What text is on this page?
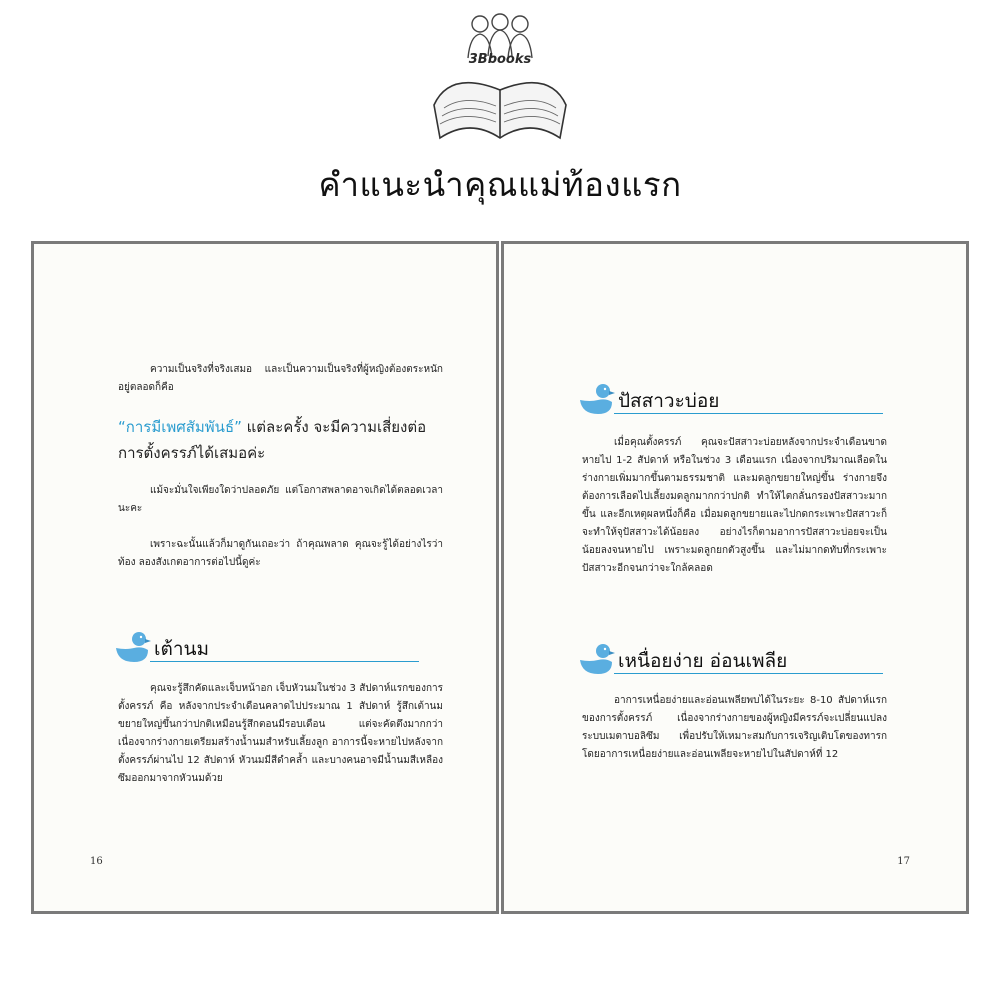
3Bbooks
คำแนะนำคุณแม่ท้องแรก
ความเป็นจริงที่จริงเสมอ และเป็นความเป็นจริงที่ผู้หญิงต้องตระหนักอยู่ตลอดก็คือ
“การมีเพศสัมพันธ์” แต่ละครั้ง จะมีความเสี่ยงต่อการตั้งครรภ์ได้เสมอค่ะ
แม้จะมั่นใจเพียงใดว่าปลอดภัย แต่โอกาสพลาดอาจเกิดได้ตลอดเวลานะคะ
เพราะฉะนั้นแล้วก็มาดูกันเถอะว่า ถ้าคุณพลาด คุณจะรู้ได้อย่างไรว่าท้อง ลองสังเกตอาการต่อไปนี้ดูค่ะ
เต้านม
คุณจะรู้สึกคัดและเจ็บหน้าอก เจ็บหัวนมในช่วง 3 สัปดาห์แรกของการตั้งครรภ์ คือ หลังจากประจำเดือนคลาดไปประมาณ 1 สัปดาห์ รู้สึกเต้านมขยายใหญ่ขึ้นกว่าปกติเหมือนรู้สึกตอนมีรอบเดือน แต่จะคัดตึงมากกว่า เนื่องจากร่างกายเตรียมสร้างน้ำนมสำหรับเลี้ยงลูก อาการนี้จะหายไปหลังจากตั้งครรภ์ผ่านไป 12 สัปดาห์ หัวนมมีสีดำคล้ำ และบางคนอาจมีน้ำนมสีเหลืองซึมออกมาจากหัวนมด้วย
16
ปัสสาวะบ่อย
เมื่อคุณตั้งครรภ์ คุณจะปัสสาวะบ่อยหลังจากประจำเดือนขาดหายไป 1-2 สัปดาห์ หรือในช่วง 3 เดือนแรก เนื่องจากปริมาณเลือดในร่างกายเพิ่มมากขึ้นตามธรรมชาติ และมดลูกขยายใหญ่ขึ้น ร่างกายจึงต้องการเลือดไปเลี้ยงมดลูกมากกว่าปกติ ทำให้ไตกลั่นกรองปัสสาวะมากขึ้น และอีกเหตุผลหนึ่งก็คือ เมื่อมดลูกขยายและไปกดกระเพาะปัสสาวะก็จะทำให้จุปัสสาวะได้น้อยลง อย่างไรก็ตามอาการปัสสาวะบ่อยจะเป็นน้อยลงจนหายไป เพราะมดลูกยกตัวสูงขึ้น และไม่มากดทับที่กระเพาะปัสสาวะอีกจนกว่าจะใกล้คลอด
เหนื่อยง่าย อ่อนเพลีย
อาการเหนื่อยง่ายและอ่อนเพลียพบได้ในระยะ 8-10 สัปดาห์แรกของการตั้งครรภ์ เนื่องจากร่างกายของผู้หญิงมีครรภ์จะเปลี่ยนแปลงระบบเมตาบอลิซึม เพื่อปรับให้เหมาะสมกับการเจริญเติบโตของทารก โดยอาการเหนื่อยง่ายและอ่อนเพลียจะหายไปในสัปดาห์ที่ 12
17
